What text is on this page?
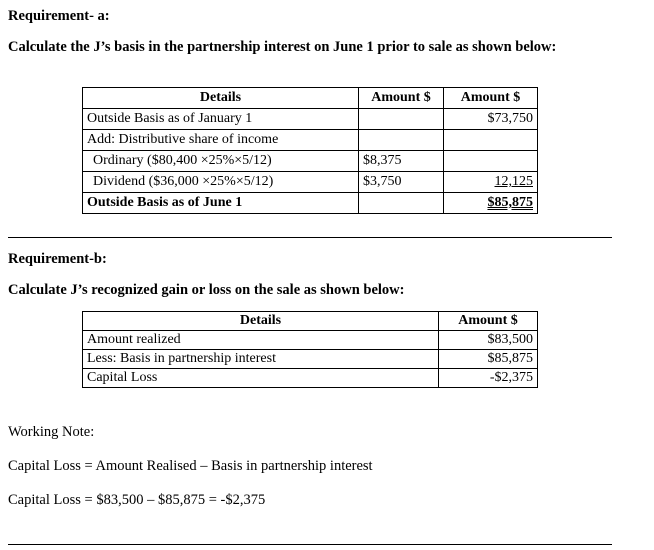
Requirement- a:
Calculate the J’s basis in the partnership interest on June 1 prior to sale as shown below:
Details	Amount $	Amount $
Outside Basis as of January 1		$73,750
Add: Distributive share of income		
Ordinary ($80,400 ×25%×5/12)	$8,375	
Dividend ($36,000 ×25%×5/12)	$3,750	12,125
Outside Basis as of June 1		$85,875
Requirement-b:
Calculate J’s recognized gain or loss on the sale as shown below:
Details	Amount $
Amount realized	$83,500
Less: Basis in partnership interest	$85,875
Capital Loss	-$2,375
Working Note:
Capital Loss = Amount Realised – Basis in partnership interest
Capital Loss = $83,500 – $85,875 = -$2,375
